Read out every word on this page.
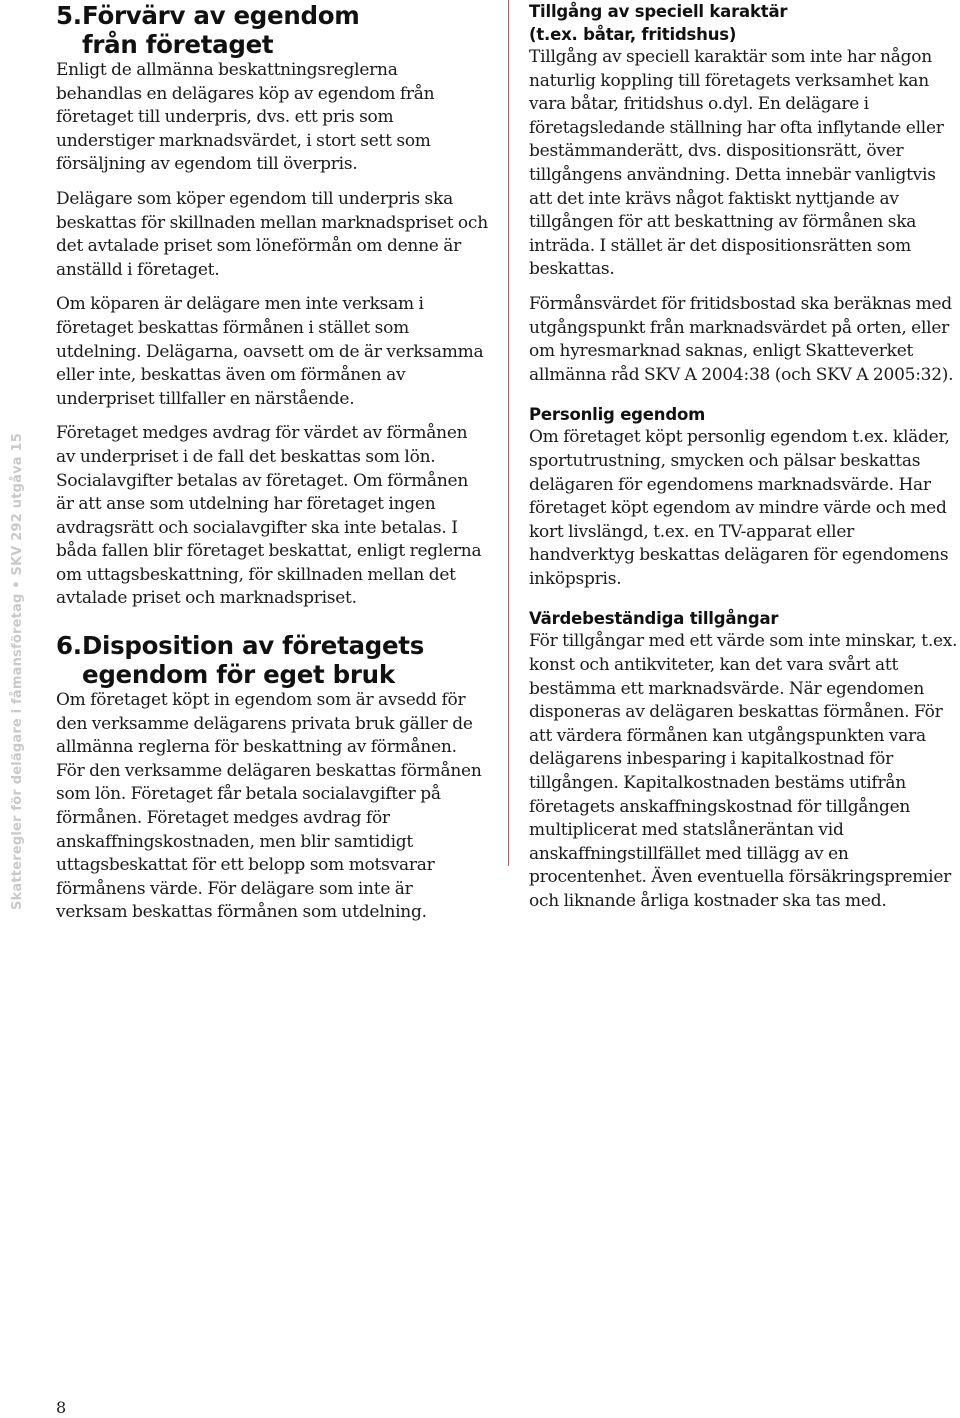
Skatteregler för delägare i fåmansföretag • SKV 292 utgåva 15
5.Förvärv av egendom
från företaget

Enligt de allmänna beskattningsreglerna behandlas en delägares köp av egendom från företaget till underpris, dvs. ett pris som understiger marknadsvärdet, i stort sett som försäljning av egendom till överpris.

Delägare som köper egendom till underpris ska beskattas för skillnaden mellan marknadspriset och det avtalade priset som löneförmån om denne är anställd i företaget.

Om köparen är delägare men inte verksam i företaget beskattas förmånen i stället som utdelning. Delägarna, oavsett om de är verksamma eller inte, beskattas även om förmånen av underpriset tillfaller en närstående.

Företaget medges avdrag för värdet av förmånen av underpriset i de fall det beskattas som lön. Socialavgifter betalas av företaget. Om förmånen är att anse som utdelning har företaget ingen avdragsrätt och socialavgifter ska inte betalas. I båda fallen blir företaget beskattat, enligt reglerna om uttagsbeskattning, för skillnaden mellan det avtalade priset och marknadspriset.

6.Disposition av företagets
egendom för eget bruk

Om företaget köpt in egendom som är avsedd för den verksamme delägarens privata bruk gäller de allmänna reglerna för beskattning av förmånen. För den verksamme delägaren beskattas förmånen som lön. Företaget får betala socialavgifter på förmånen. Företaget medges avdrag för anskaffningskostnaden, men blir samtidigt uttagsbeskattat för ett belopp som motsvarar förmånens värde. För delägare som inte är verksam beskattas förmånen som utdelning.

Tillgång av speciell karaktär
(t.ex. båtar, fritidshus)

Tillgång av speciell karaktär som inte har någon naturlig koppling till företagets verksamhet kan vara båtar, fritidshus o.dyl. En delägare i företagsledande ställning har ofta inflytande eller bestämmanderätt, dvs. dispositionsrätt, över tillgångens användning. Detta innebär vanligtvis att det inte krävs något faktiskt nyttjande av tillgången för att beskattning av förmånen ska inträda. I stället är det dispositionsrätten som beskattas.

Förmånsvärdet för fritidsbostad ska beräknas med utgångspunkt från marknadsvärdet på orten, eller om hyresmarknad saknas, enligt Skatteverket allmänna råd SKV A 2004:38 (och SKV A 2005:32).

Personlig egendom

Om företaget köpt personlig egendom t.ex. kläder, sportutrustning, smycken och pälsar beskattas delägaren för egendomens marknadsvärde. Har företaget köpt egendom av mindre värde och med kort livslängd, t.ex. en TV-apparat eller handverktyg beskattas delägaren för egendomens inköpspris.

Värdebeständiga tillgångar

För tillgångar med ett värde som inte minskar, t.ex. konst och antikviteter, kan det vara svårt att bestämma ett marknadsvärde. När egendomen disponeras av delägaren beskattas förmånen. För att värdera förmånen kan utgångspunkten vara delägarens inbesparing i kapitalkostnad för tillgången. Kapitalkostnaden bestäms utifrån företagets anskaffningskostnad för tillgången multiplicerat med statslåneräntan vid anskaffningstillfället med tillägg av en procentenhet. Även eventuella försäkringspremier och liknande årliga kostnader ska tas med.

8
